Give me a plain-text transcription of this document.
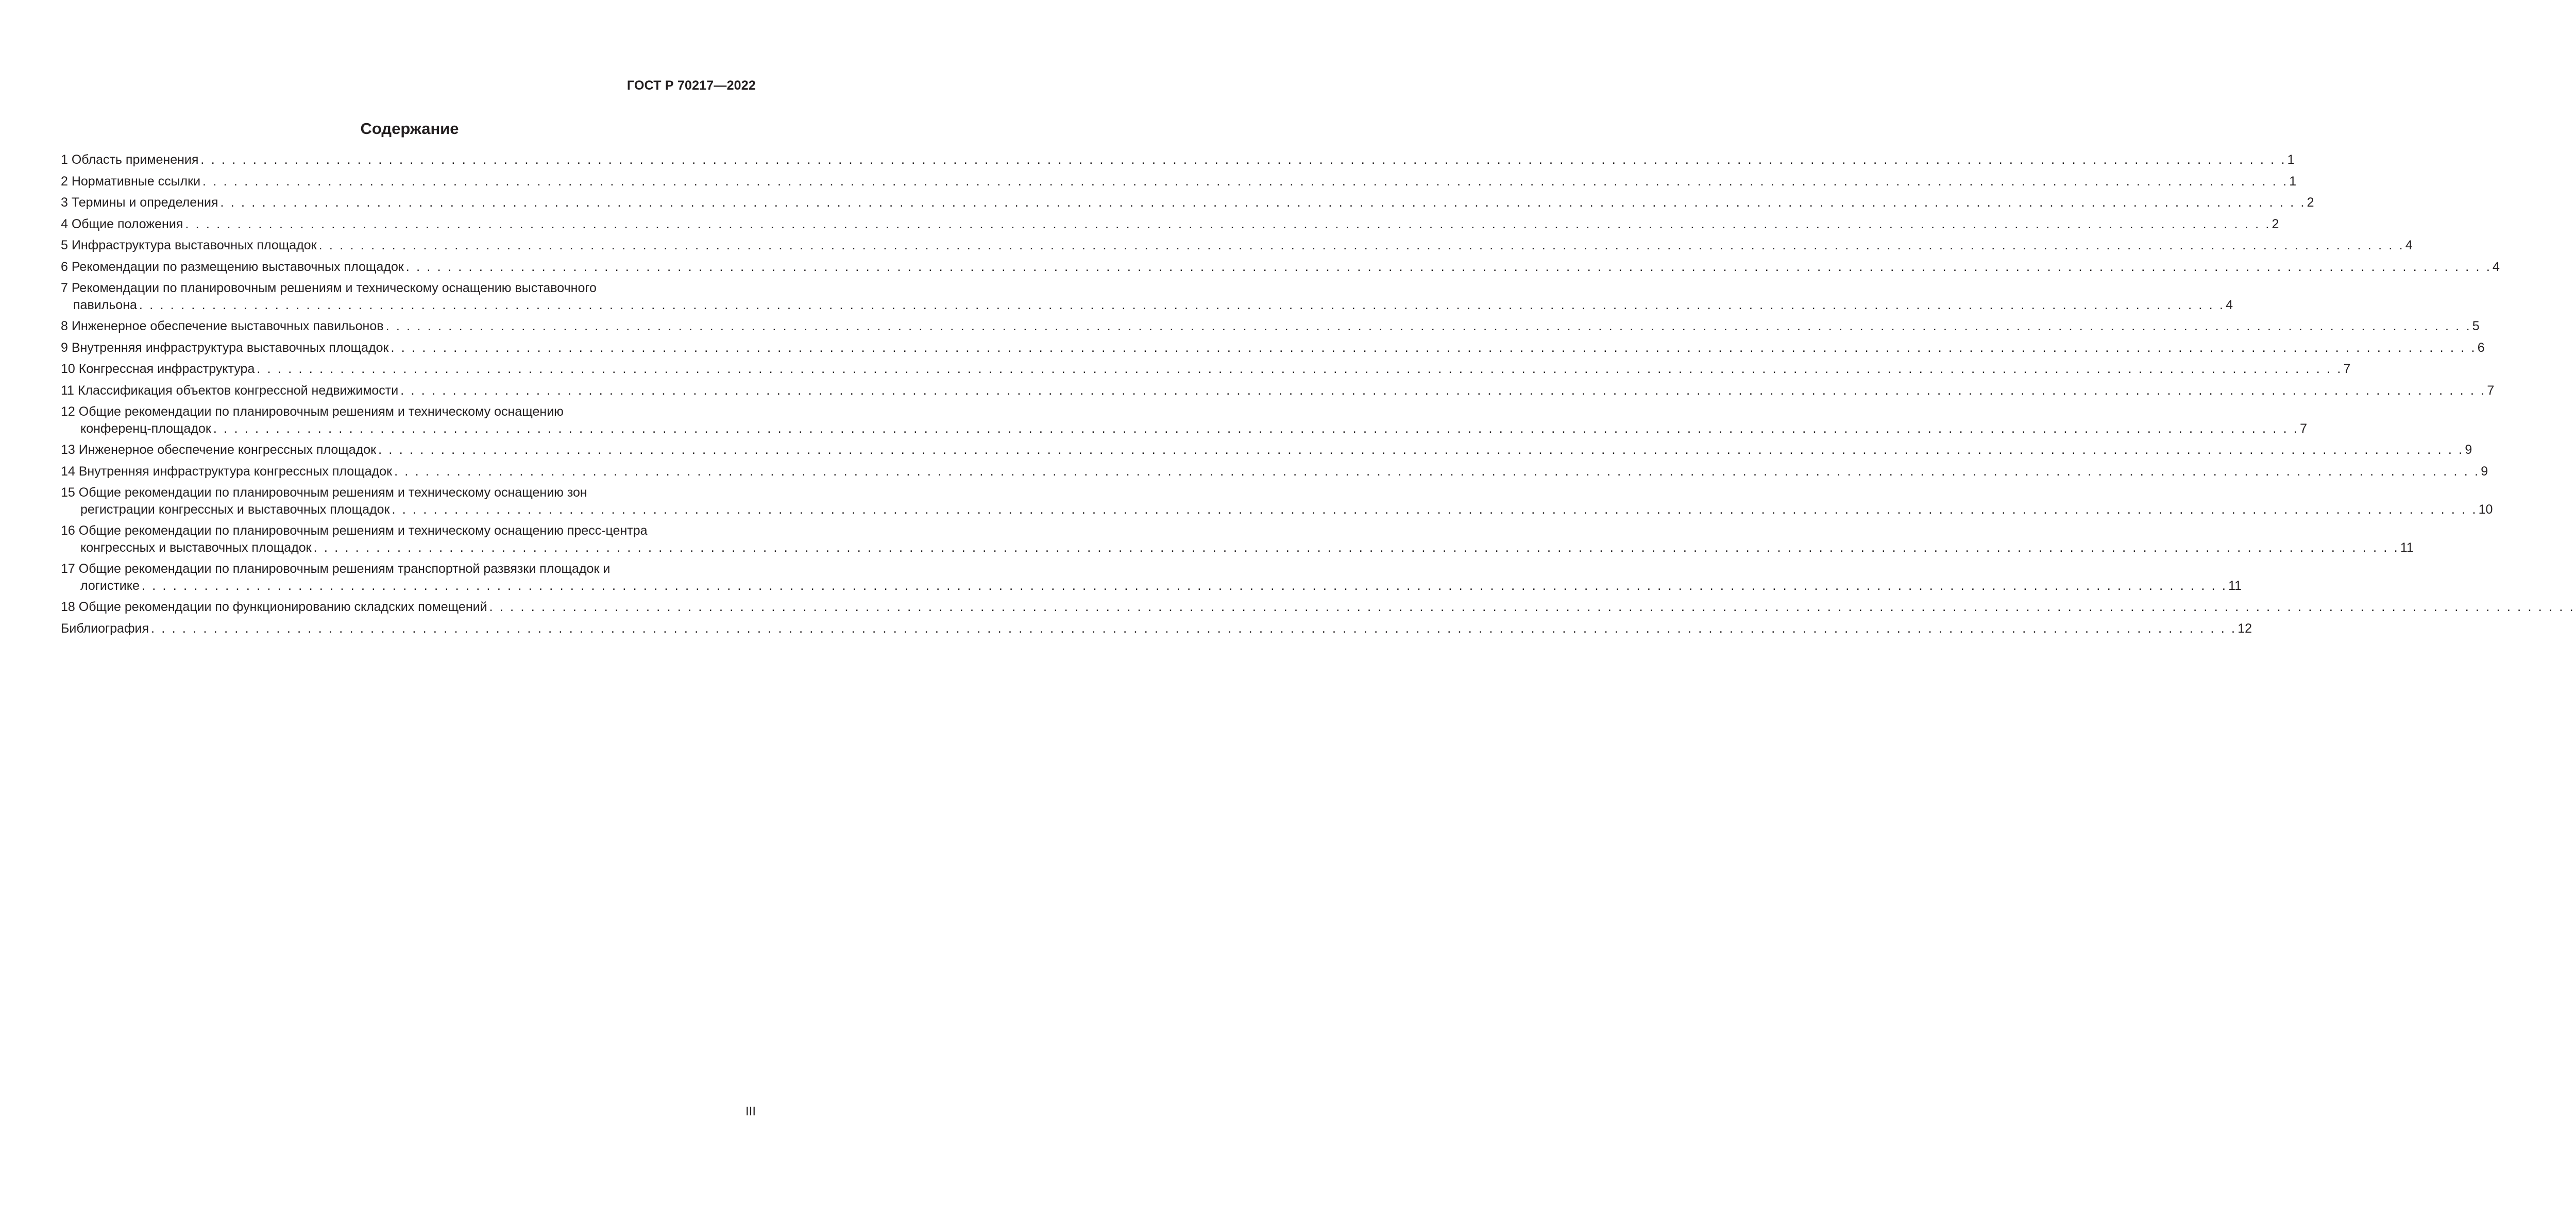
ГОСТ Р 70217—2022
Содержание
1 Область применения . . . . . . . . . . . . . . . . . . . . . . . . . . . . . . . . . . . . . . . . . . . . . . . . . . . . . . . . . . . . . . . . . . . . . . . . . . . . . . . . . . . . . . . . . . . . . . . . . . . . . . . . . . . . . . . . . . . . . . . . . . . . . . . . . . . . . . . . . . . . . . . . . . . . . . . . . . . . . . . . . . . . . . . . . . . . . . . . . . . . . . . . . . . . . . . . . . . . . . . . 1
2 Нормативные ссылки . . . . . . . . . . . . . . . . . . . . . . . . . . . . . . . . . . . . . . . . . . . . . . . . . . . . . . . . . . . . . . . . . . . . . . . . . . . . . . . . . . . . . . . . . . . . . . . . . . . . . . . . . . . . . . . . . . . . . . . . . . . . . . . . . . . . . . . . . . . . . . . . . . . . . . . . . . . . . . . . . . . . . . . . . . . . . . . . . . . . . . . . . . . . . . . . . . . . . . . . 1
3 Термины и определения . . . . . . . . . . . . . . . . . . . . . . . . . . . . . . . . . . . . . . . . . . . . . . . . . . . . . . . . . . . . . . . . . . . . . . . . . . . . . . . . . . . . . . . . . . . . . . . . . . . . . . . . . . . . . . . . . . . . . . . . . . . . . . . . . . . . . . . . . . . . . . . . . . . . . . . . . . . . . . . . . . . . . . . . . . . . . . . . . . . . . . . . . . . . . . . . . . . . . . . . 2
4 Общие положения . . . . . . . . . . . . . . . . . . . . . . . . . . . . . . . . . . . . . . . . . . . . . . . . . . . . . . . . . . . . . . . . . . . . . . . . . . . . . . . . . . . . . . . . . . . . . . . . . . . . . . . . . . . . . . . . . . . . . . . . . . . . . . . . . . . . . . . . . . . . . . . . . . . . . . . . . . . . . . . . . . . . . . . . . . . . . . . . . . . . . . . . . . . . . . . . . . . . . . . . 2
5 Инфраструктура выставочных площадок . . . . . . . . . . . . . . . . . . . . . . . . . . . . . . . . . . . . . . . . . . . . . . . . . . . . . . . . . . . . . . . . . . . . . . . . . . . . . . . . . . . . . . . . . . . . . . . . . . . . . . . . . . . . . . . . . . . . . . . . . . . . . . . . . . . . . . . . . . . . . . . . . . . . . . . . . . . . . . . . . . . . . . . . . . . . . . . . . . . . . . . . . . . . . . . . . . . . . . . . 4
6 Рекомендации по размещению выставочных площадок . . . . . . . . . . . . . . . . . . . . . . . . . . . . . . . . . . . . . . . . . . . . . . . . . . . . . . . . . . . . . . . . . . . . . . . . . . . . . . . . . . . . . . . . . . . . . . . . . . . . . . . . . . . . . . . . . . . . . . . . . . . . . . . . . . . . . . . . . . . . . . . . . . . . . . . . . . . . . . . . . . . . . . . . . . . . . . . . . . . . . . . . . . . . . . . . . . . . . . . . 4
7 Рекомендации по планировочным решениям и техническому оснащению выставочного
павильона . . . . . . . . . . . . . . . . . . . . . . . . . . . . . . . . . . . . . . . . . . . . . . . . . . . . . . . . . . . . . . . . . . . . . . . . . . . . . . . . . . . . . . . . . . . . . . . . . . . . . . . . . . . . . . . . . . . . . . . . . . . . . . . . . . . . . . . . . . . . . . . . . . . . . . . . . . . . . . . . . . . . . . . . . . . . . . . . . . . . . . . . . . . . . . . . . . . . . . . . 4
8 Инженерное обеспечение выставочных павильонов . . . . . . . . . . . . . . . . . . . . . . . . . . . . . . . . . . . . . . . . . . . . . . . . . . . . . . . . . . . . . . . . . . . . . . . . . . . . . . . . . . . . . . . . . . . . . . . . . . . . . . . . . . . . . . . . . . . . . . . . . . . . . . . . . . . . . . . . . . . . . . . . . . . . . . . . . . . . . . . . . . . . . . . . . . . . . . . . . . . . . . . . . . . . . . . . . . . . . . . . 5
9 Внутренняя инфраструктура выставочных площадок . . . . . . . . . . . . . . . . . . . . . . . . . . . . . . . . . . . . . . . . . . . . . . . . . . . . . . . . . . . . . . . . . . . . . . . . . . . . . . . . . . . . . . . . . . . . . . . . . . . . . . . . . . . . . . . . . . . . . . . . . . . . . . . . . . . . . . . . . . . . . . . . . . . . . . . . . . . . . . . . . . . . . . . . . . . . . . . . . . . . . . . . . . . . . . . . . . . . . . . . 6
10 Конгрессная инфраструктура . . . . . . . . . . . . . . . . . . . . . . . . . . . . . . . . . . . . . . . . . . . . . . . . . . . . . . . . . . . . . . . . . . . . . . . . . . . . . . . . . . . . . . . . . . . . . . . . . . . . . . . . . . . . . . . . . . . . . . . . . . . . . . . . . . . . . . . . . . . . . . . . . . . . . . . . . . . . . . . . . . . . . . . . . . . . . . . . . . . . . . . . . . . . . . . . . . . . . . . . 7
11 Классификация объектов конгрессной недвижимости . . . . . . . . . . . . . . . . . . . . . . . . . . . . . . . . . . . . . . . . . . . . . . . . . . . . . . . . . . . . . . . . . . . . . . . . . . . . . . . . . . . . . . . . . . . . . . . . . . . . . . . . . . . . . . . . . . . . . . . . . . . . . . . . . . . . . . . . . . . . . . . . . . . . . . . . . . . . . . . . . . . . . . . . . . . . . . . . . . . . . . . . . . . . . . . . . . . . . . . . 7
12 Общие рекомендации по планировочным решениям и техническому оснащению
конференц-площадок . . . . . . . . . . . . . . . . . . . . . . . . . . . . . . . . . . . . . . . . . . . . . . . . . . . . . . . . . . . . . . . . . . . . . . . . . . . . . . . . . . . . . . . . . . . . . . . . . . . . . . . . . . . . . . . . . . . . . . . . . . . . . . . . . . . . . . . . . . . . . . . . . . . . . . . . . . . . . . . . . . . . . . . . . . . . . . . . . . . . . . . . . . . . . . . . . . . . . . . . 7
13 Инженерное обеспечение конгрессных площадок . . . . . . . . . . . . . . . . . . . . . . . . . . . . . . . . . . . . . . . . . . . . . . . . . . . . . . . . . . . . . . . . . . . . . . . . . . . . . . . . . . . . . . . . . . . . . . . . . . . . . . . . . . . . . . . . . . . . . . . . . . . . . . . . . . . . . . . . . . . . . . . . . . . . . . . . . . . . . . . . . . . . . . . . . . . . . . . . . . . . . . . . . . . . . . . . . . . . . . . . 9
14 Внутренняя инфраструктура конгрессных площадок . . . . . . . . . . . . . . . . . . . . . . . . . . . . . . . . . . . . . . . . . . . . . . . . . . . . . . . . . . . . . . . . . . . . . . . . . . . . . . . . . . . . . . . . . . . . . . . . . . . . . . . . . . . . . . . . . . . . . . . . . . . . . . . . . . . . . . . . . . . . . . . . . . . . . . . . . . . . . . . . . . . . . . . . . . . . . . . . . . . . . . . . . . . . . . . . . . . . . . . . 9
15 Общие рекомендации по планировочным решениям и техническому оснащению зон
регистрации конгрессных и выставочных площадок . . . . . . . . . . . . . . . . . . . . . . . . . . . . . . . . . . . . . . . . . . . . . . . . . . . . . . . . . . . . . . . . . . . . . . . . . . . . . . . . . . . . . . . . . . . . . . . . . . . . . . . . . . . . . . . . . . . . . . . . . . . . . . . . . . . . . . . . . . . . . . . . . . . . . . . . . . . . . . . . . . . . . . . . . . . . . . . . . . . . . . . . . . . . . . . . . . . . . . . . 10
16 Общие рекомендации по планировочным решениям и техническому оснащению пресс-центра
конгрессных и выставочных площадок . . . . . . . . . . . . . . . . . . . . . . . . . . . . . . . . . . . . . . . . . . . . . . . . . . . . . . . . . . . . . . . . . . . . . . . . . . . . . . . . . . . . . . . . . . . . . . . . . . . . . . . . . . . . . . . . . . . . . . . . . . . . . . . . . . . . . . . . . . . . . . . . . . . . . . . . . . . . . . . . . . . . . . . . . . . . . . . . . . . . . . . . . . . . . . . . . . . . . . . . 11
17 Общие рекомендации по планировочным решениям транспортной развязки площадок и
логистике . . . . . . . . . . . . . . . . . . . . . . . . . . . . . . . . . . . . . . . . . . . . . . . . . . . . . . . . . . . . . . . . . . . . . . . . . . . . . . . . . . . . . . . . . . . . . . . . . . . . . . . . . . . . . . . . . . . . . . . . . . . . . . . . . . . . . . . . . . . . . . . . . . . . . . . . . . . . . . . . . . . . . . . . . . . . . . . . . . . . . . . . . . . . . . . . . . . . . . . . 11
18 Общие рекомендации по функционированию складских помещений . . . . . . . . . . . . . . . . . . . . . . . . . . . . . . . . . . . . . . . . . . . . . . . . . . . . . . . . . . . . . . . . . . . . . . . . . . . . . . . . . . . . . . . . . . . . . . . . . . . . . . . . . . . . . . . . . . . . . . . . . . . . . . . . . . . . . . . . . . . . . . . . . . . . . . . . . . . . . . . . . . . . . . . . . . . . . . . . . . . . . . . . . . . . . . . . . . . . . . . .
Библиография . . . . . . . . . . . . . . . . . . . . . . . . . . . . . . . . . . . . . . . . . . . . . . . . . . . . . . . . . . . . . . . . . . . . . . . . . . . . . . . . . . . . . . . . . . . . . . . . . . . . . . . . . . . . . . . . . . . . . . . . . . . . . . . . . . . . . . . . . . . . . . . . . . . . . . . . . . . . . . . . . . . . . . . . . . . . . . . . . . . . . . . . . . . . . . . . . . . . . . . . 12
III
